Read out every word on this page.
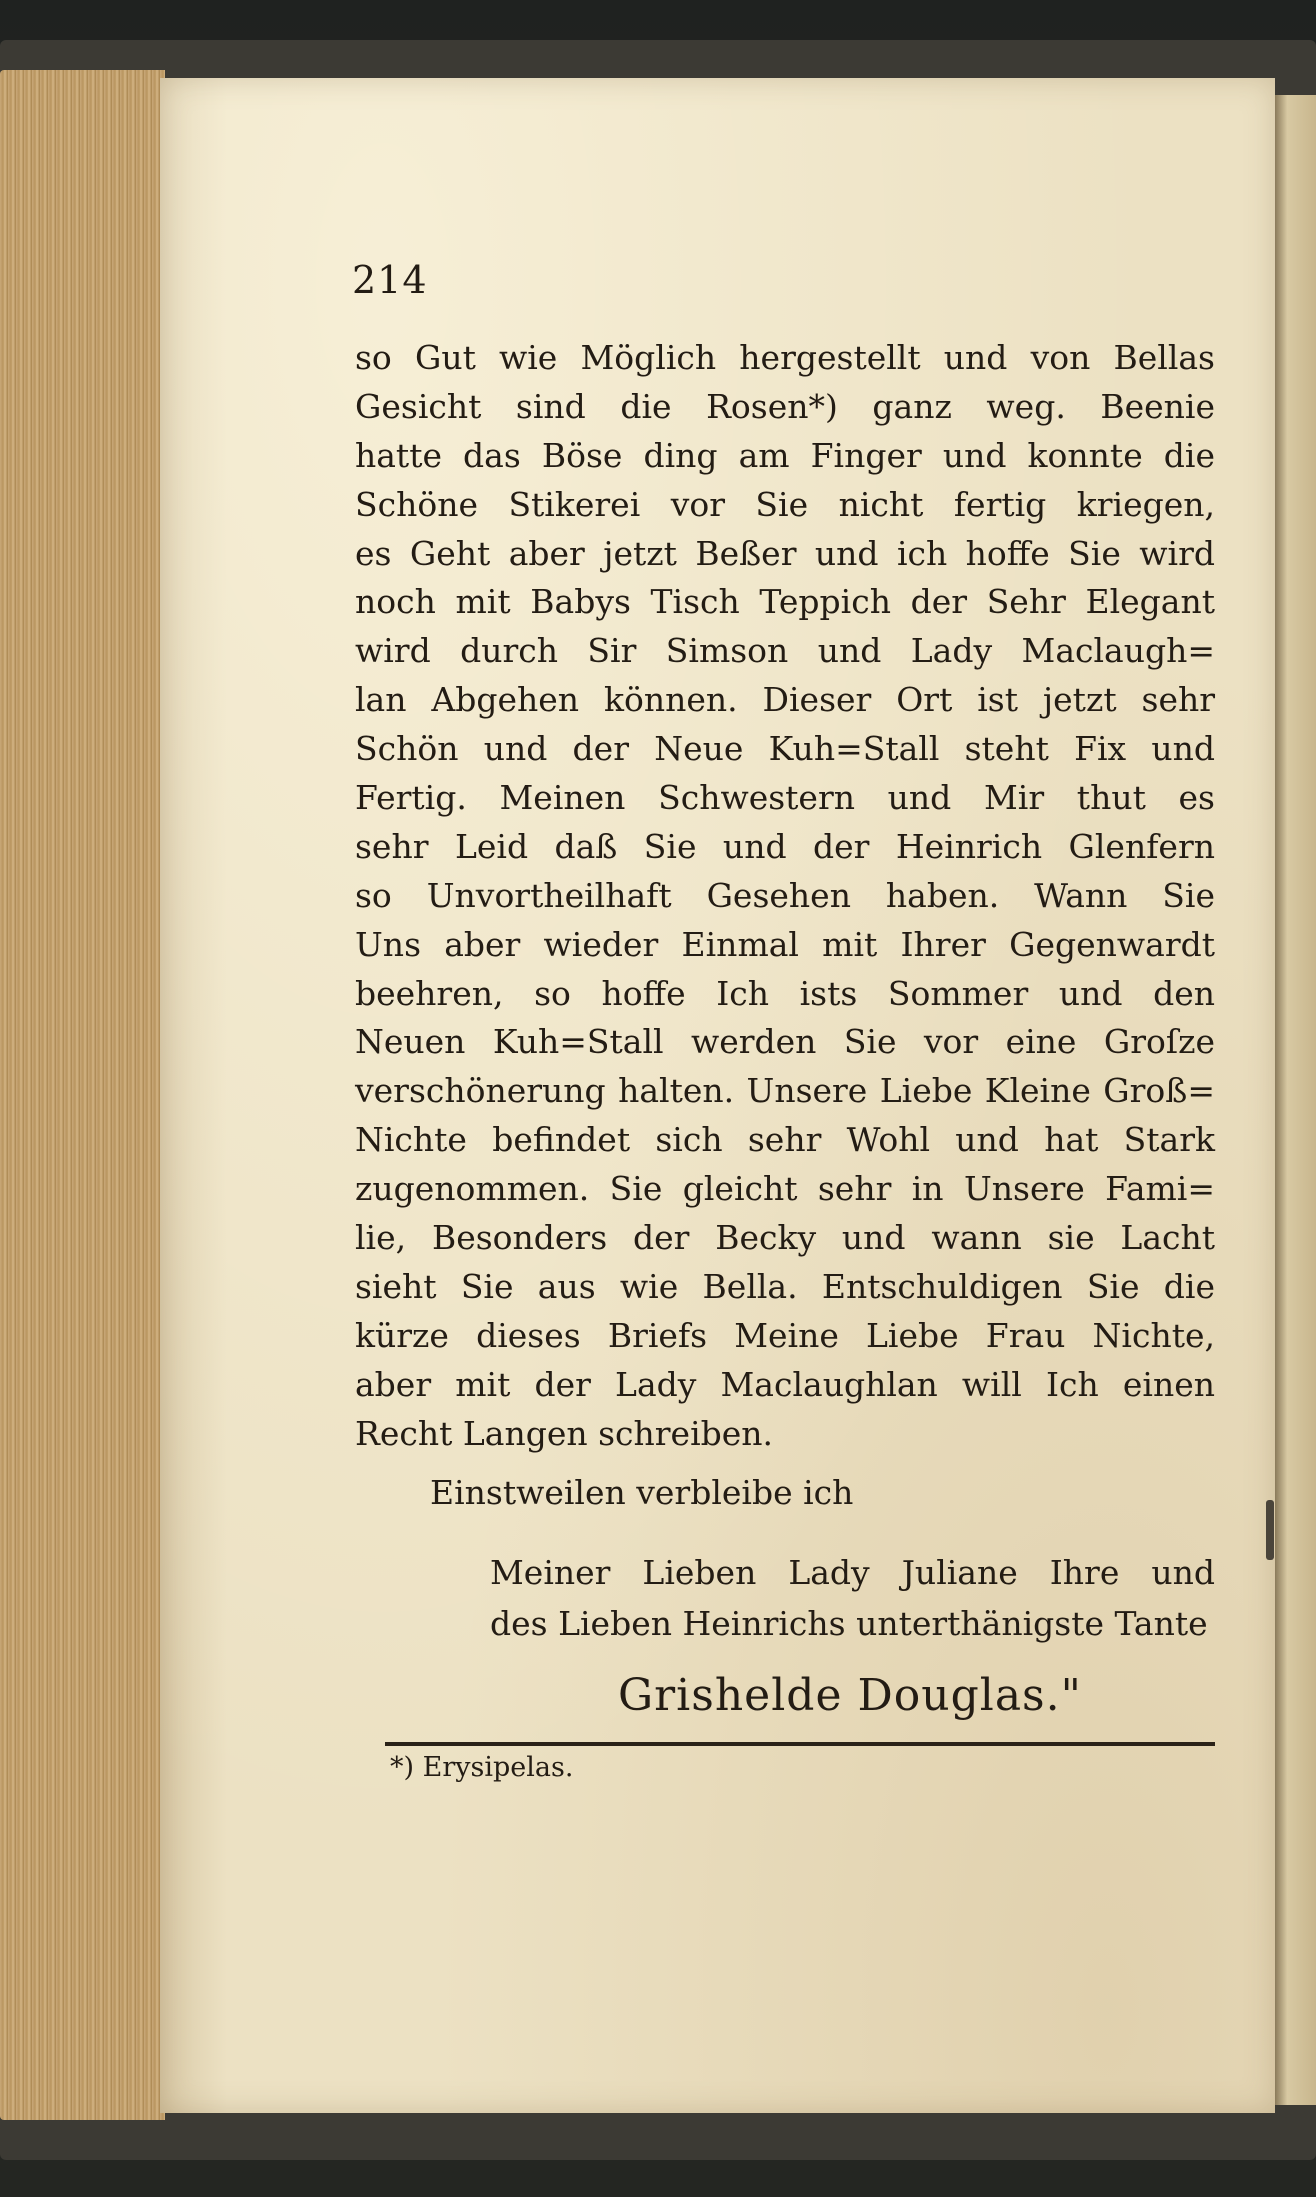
214
so Gut wie Möglich hergestellt und von Bellas
Gesicht sind die Rosen*) ganz weg. Beenie
hatte das Böse ding am Finger und konnte die
Schöne Stikerei vor Sie nicht fertig kriegen,
es Geht aber jetzt Beßer und ich hoffe Sie wird
noch mit Babys Tisch Teppich der Sehr Elegant
wird durch Sir Simson und Lady Maclaugh=
lan Abgehen können. Dieser Ort ist jetzt sehr
Schön und der Neue Kuh=Stall steht Fix und
Fertig. Meinen Schwestern und Mir thut es
sehr Leid daß Sie und der Heinrich Glenfern
so Unvortheilhaft Gesehen haben. Wann Sie
Uns aber wieder Einmal mit Ihrer Gegenwardt
beehren, so hoffe Ich ists Sommer und den
Neuen Kuh=Stall werden Sie vor eine Groſze
verschönerung halten. Unsere Liebe Kleine Groß=
Nichte befindet sich sehr Wohl und hat Stark
zugenommen. Sie gleicht sehr in Unsere Fami=
lie, Besonders der Becky und wann sie Lacht
sieht Sie aus wie Bella. Entschuldigen Sie die
kürze dieses Briefs Meine Liebe Frau Nichte,
aber mit der Lady Maclaughlan will Ich einen
Recht Langen schreiben.
Einstweilen verbleibe ich
Meiner Lieben Lady Juliane Ihre und
des Lieben Heinrichs unterthänigste Tante
Grishelde Douglas."
*) Erysipelas.
